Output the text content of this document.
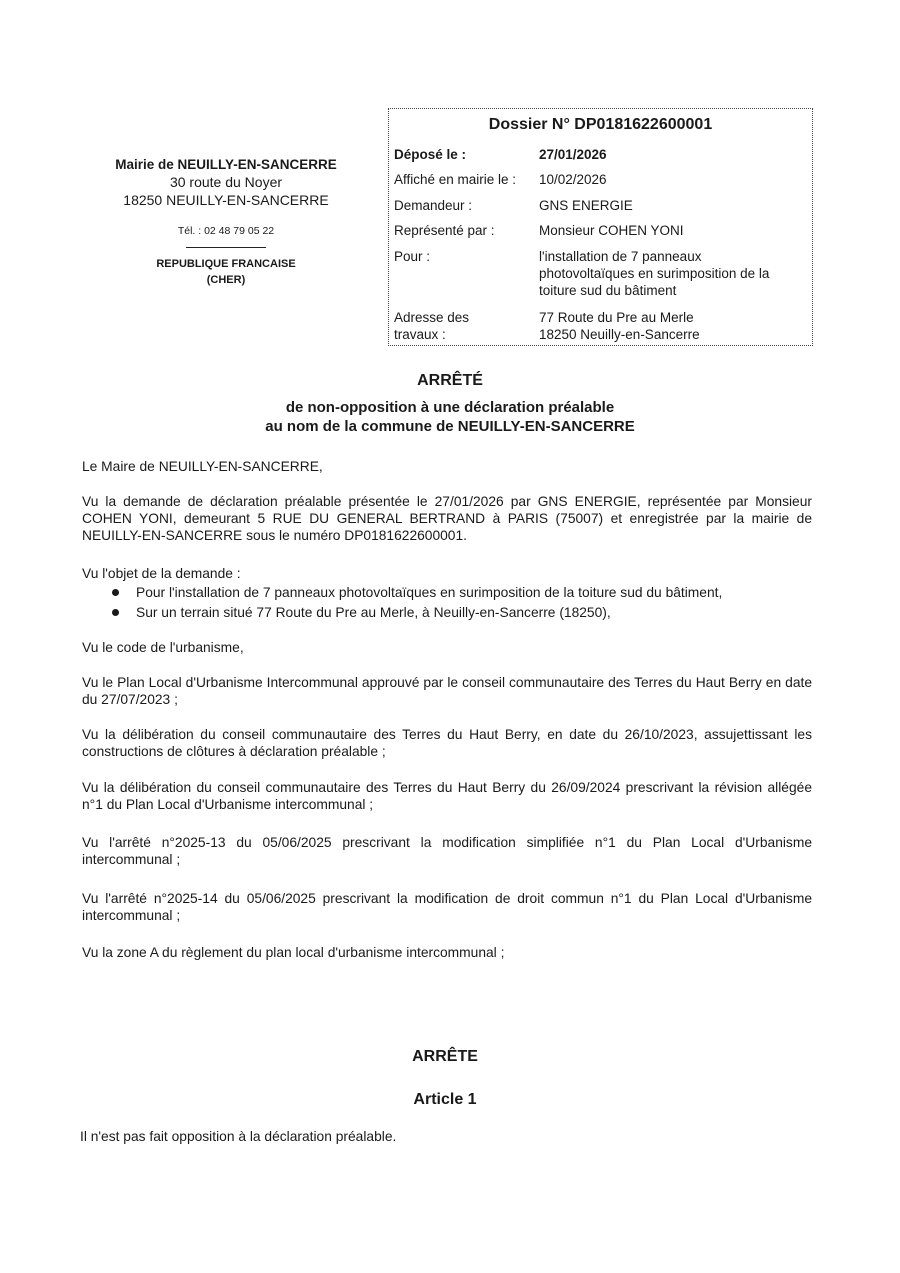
Mairie de NEUILLY-EN-SANCERRE
30 route du Noyer
18250 NEUILLY-EN-SANCERRE
Tél. : 02 48 79 05 22
REPUBLIQUE FRANCAISE
(CHER)
Dossier N° DP0181622600001
Déposé le :	27/01/2026
Affiché en mairie le : 10/02/2026
Demandeur :	GNS ENERGIE
Représenté par :	Monsieur COHEN YONI
Pour :	l'installation de 7 panneaux
photovoltaïques en surimposition de la
toiture sud du bâtiment
Adresse des
travaux :
77 Route du Pre au Merle
18250 Neuilly-en-Sancerre
ARRÊTÉ
de non-opposition à une déclaration préalable
au nom de la commune de NEUILLY-EN-SANCERRE
Le Maire de NEUILLY-EN-SANCERRE,
Vu la demande de déclaration préalable présentée le 27/01/2026 par GNS ENERGIE, représentée par Monsieur COHEN YONI, demeurant 5 RUE DU GENERAL BERTRAND à PARIS (75007) et enregistrée par la mairie de NEUILLY-EN-SANCERRE sous le numéro DP0181622600001.
Vu l'objet de la demande :
Pour l'installation de 7 panneaux photovoltaïques en surimposition de la toiture sud du bâtiment,
Sur un terrain situé 77 Route du Pre au Merle, à Neuilly-en-Sancerre (18250),
Vu le code de l'urbanisme,
Vu le Plan Local d'Urbanisme Intercommunal approuvé par le conseil communautaire des Terres du Haut Berry en date du 27/07/2023 ;
Vu la délibération du conseil communautaire des Terres du Haut Berry, en date du 26/10/2023, assujettissant les constructions de clôtures à déclaration préalable ;
Vu la délibération du conseil communautaire des Terres du Haut Berry du 26/09/2024 prescrivant la révision allégée n°1 du Plan Local d'Urbanisme intercommunal ;
Vu l'arrêté n°2025-13 du 05/06/2025 prescrivant la modification simplifiée n°1 du Plan Local d'Urbanisme intercommunal ;
Vu l'arrêté n°2025-14 du 05/06/2025 prescrivant la modification de droit commun n°1 du Plan Local d'Urbanisme intercommunal ;
Vu la zone A du règlement du plan local d'urbanisme intercommunal ;
ARRÊTE
Article 1
Il n'est pas fait opposition à la déclaration préalable.
